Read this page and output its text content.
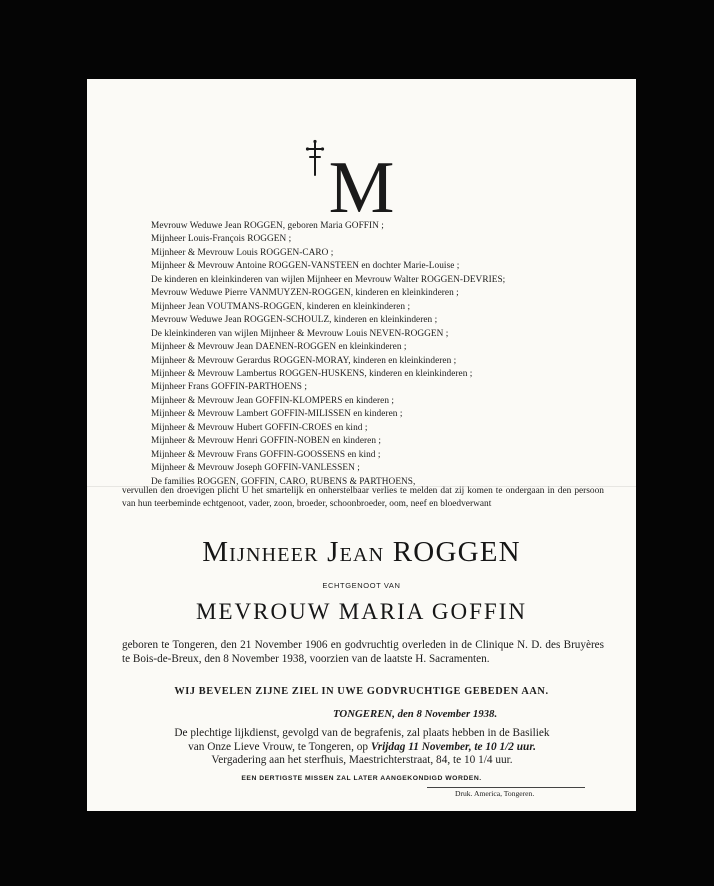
M
Mevrouw Weduwe Jean ROGGEN, geboren Maria GOFFIN ;
Mijnheer Louis-François ROGGEN ;
Mijnheer & Mevrouw Louis ROGGEN-CARO ;
Mijnheer & Mevrouw Antoine ROGGEN-VANSTEEN en dochter Marie-Louise ;
De kinderen en kleinkinderen van wijlen Mijnheer en Mevrouw Walter ROGGEN-DEVRIES;
Mevrouw Weduwe Pierre VANMUYZEN-ROGGEN, kinderen en kleinkinderen ;
Mijnheer Jean VOUTMANS-ROGGEN, kinderen en kleinkinderen ;
Mevrouw Weduwe Jean ROGGEN-SCHOULZ, kinderen en kleinkinderen ;
De kleinkinderen van wijlen Mijnheer & Mevrouw Louis NEVEN-ROGGEN ;
Mijnheer & Mevrouw Jean DAENEN-ROGGEN en kleinkinderen ;
Mijnheer & Mevrouw Gerardus ROGGEN-MORAY, kinderen en kleinkinderen ;
Mijnheer & Mevrouw Lambertus ROGGEN-HUSKENS, kinderen en kleinkinderen ;
Mijnheer Frans GOFFIN-PARTHOENS ;
Mijnheer & Mevrouw Jean GOFFIN-KLOMPERS en kinderen ;
Mijnheer & Mevrouw Lambert GOFFIN-MILISSEN en kinderen ;
Mijnheer & Mevrouw Hubert GOFFIN-CROES en kind ;
Mijnheer & Mevrouw Henri GOFFIN-NOBEN en kinderen ;
Mijnheer & Mevrouw Frans GOFFIN-GOOSSENS en kind ;
Mijnheer & Mevrouw Joseph GOFFIN-VANLESSEN ;
De families ROGGEN, GOFFIN, CARO, RUBENS & PARTHOENS,
vervullen den droevigen plicht U het smartelijk en onherstelbaar verlies te melden dat zij komen te ondergaan in den persoon van hun teerbeminde echtgenoot, vader, zoon, broeder, schoonbroeder, oom, neef en bloedverwant
Mijnheer Jean ROGGEN
ECHTGENOOT VAN
MEVROUW MARIA GOFFIN
geboren te Tongeren, den 21 November 1906 en godvruchtig overleden in de Clinique N. D. des Bruyères te Bois-de-Breux, den 8 November 1938, voorzien van de laatste H. Sacramenten.
WIJ BEVELEN ZIJNE ZIEL IN UWE GODVRUCHTIGE GEBEDEN AAN.
TONGEREN, den 8 November 1938.
De plechtige lijkdienst, gevolgd van de begrafenis, zal plaats hebben in de Basiliek
van Onze Lieve Vrouw, te Tongeren, op Vrijdag 11 November, te 10 1/2 uur.
Vergadering aan het sterfhuis, Maestrichterstraat, 84, te 10 1/4 uur.
EEN DERTIGSTE MISSEN ZAL LATER AANGEKONDIGD WORDEN.
Druk. America, Tongeren.
